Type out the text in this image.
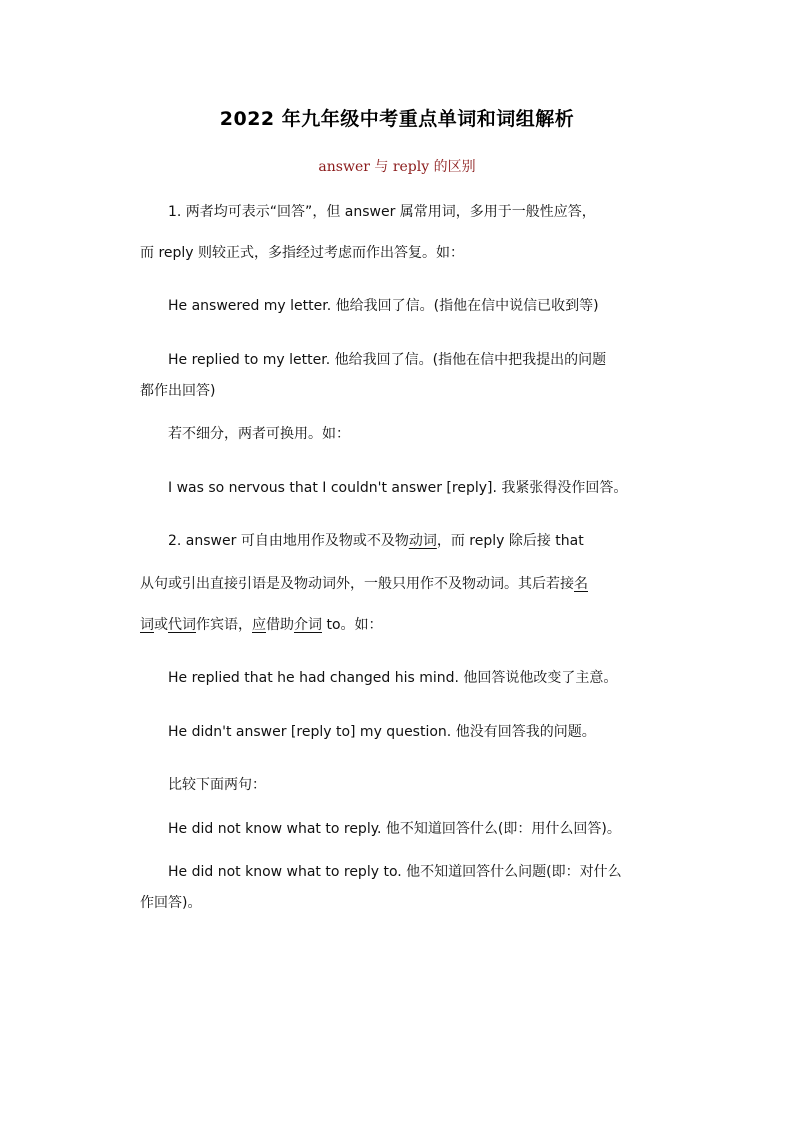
2022 年九年级中考重点单词和词组解析
answer 与 reply 的区别
1. 两者均可表示“回答”，但 answer 属常用词，多用于一般性应答，
而 reply 则较正式，多指经过考虑而作出答复。如：
He answered my letter. 他给我回了信。(指他在信中说信已收到等)
He replied to my letter. 他给我回了信。(指他在信中把我提出的问题
都作出回答)
若不细分，两者可换用。如：
I was so nervous that I couldn't answer [reply]. 我紧张得没作回答。
2. answer 可自由地用作及物或不及物动词，而 reply 除后接 that
从句或引出直接引语是及物动词外，一般只用作不及物动词。其后若接名
词或代词作宾语，应借助介词 to。如：
He replied that he had changed his mind. 他回答说他改变了主意。
He didn't answer [reply to] my question. 他没有回答我的问题。
比较下面两句：
He did not know what to reply. 他不知道回答什么(即：用什么回答)。
He did not know what to reply to. 他不知道回答什么问题(即：对什么
作回答)。
